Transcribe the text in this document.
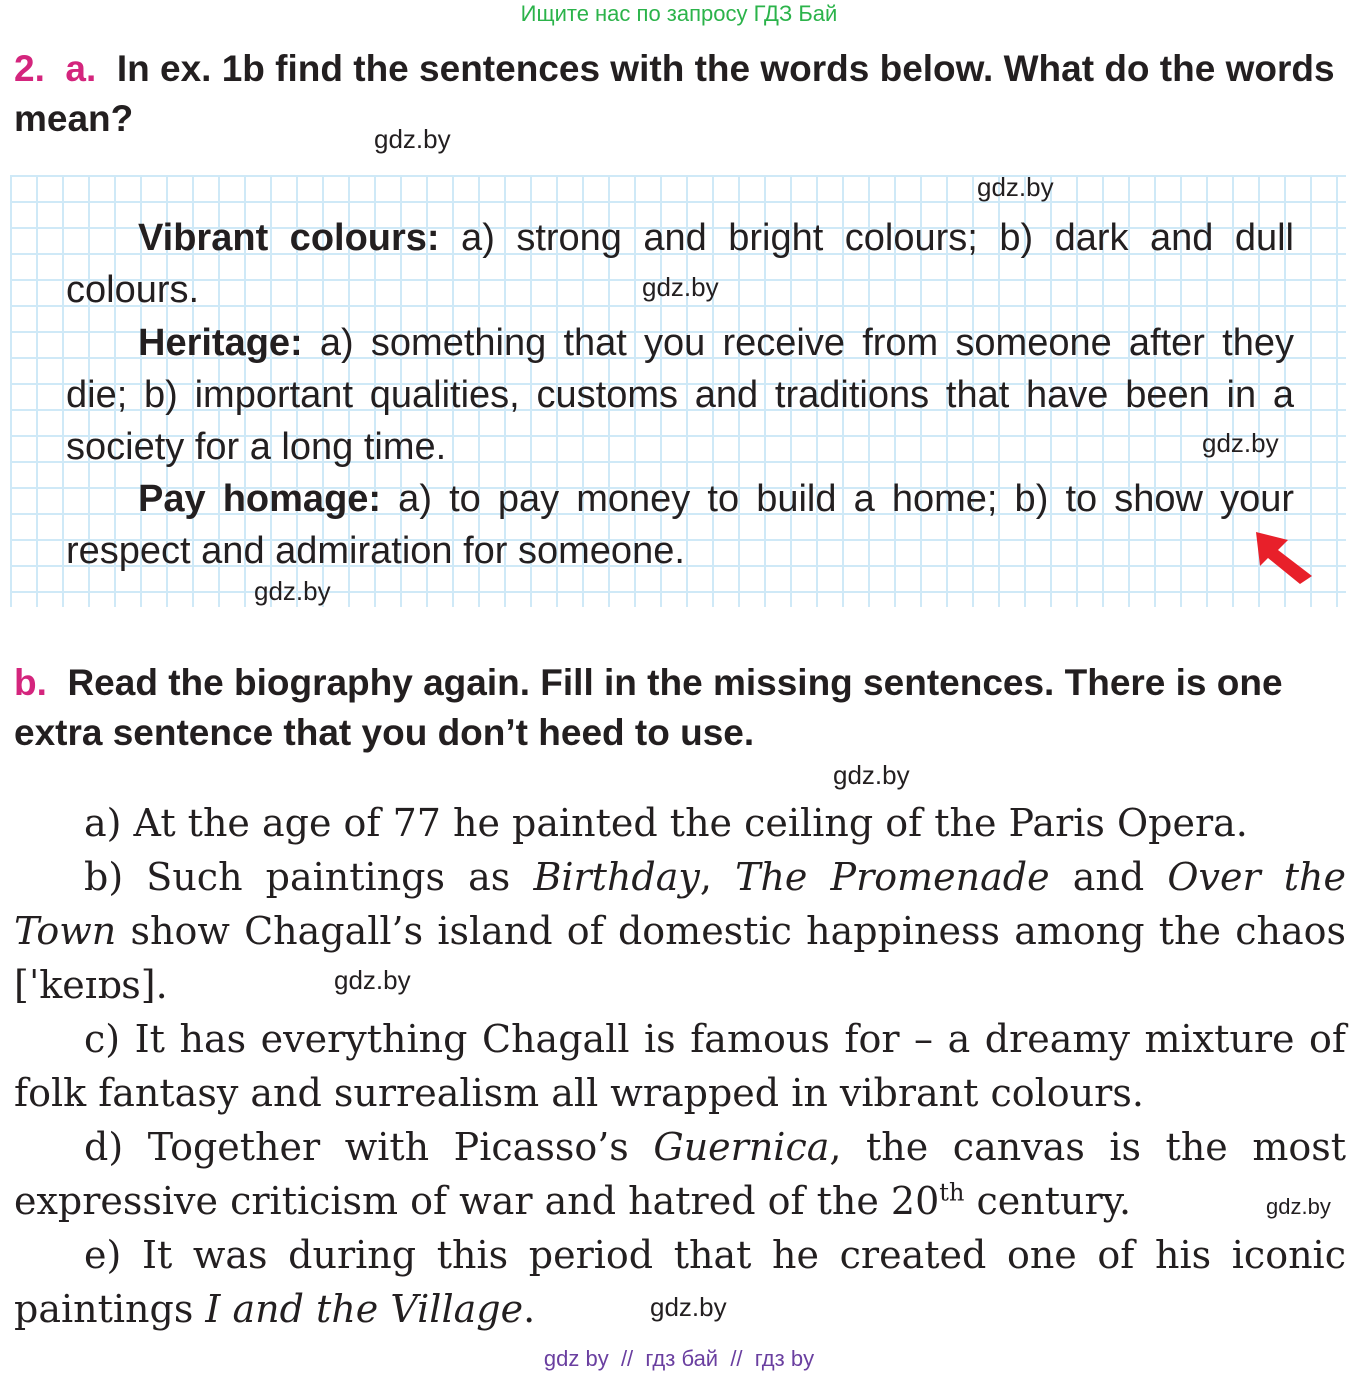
Ищите нас по запросу ГДЗ Бай
2. a. In ex. 1b find the sentences with the words below. What do the words mean?	gdz.by
gdz.by
Vibrant colours: a) strong and bright colours; b) dark and dull colours.	gdz.by
Heritage: a) something that you receive from someone after they die; b) important qualities, customs and traditions that have been in a society for a long time.	gdz.by
Pay homage: a) to pay money to build a home; b) to show your respect and admiration for someone.
gdz.by
b. Read the biography again. Fill in the missing sentences. There is one extra sentence that you don’t heed to use.
gdz.by
a) At the age of 77 he painted the ceiling of the Paris Opera.
b) Such paintings as Birthday, The Promenade and Over the Town show Chagall’s island of domestic happiness among the chaos [ˈkeɪɒs].	gdz.by
c) It has everything Chagall is famous for – a dreamy mixture of folk fantasy and surrealism all wrapped in vibrant colours.
d) Together with Picasso’s Guernica, the canvas is the most expressive criticism of war and hatred of the 20th century.	gdz.by
e) It was during this period that he created one of his iconic paintings I and the Village.	gdz.by
gdz by  //  гдз бай  //  гдз by
